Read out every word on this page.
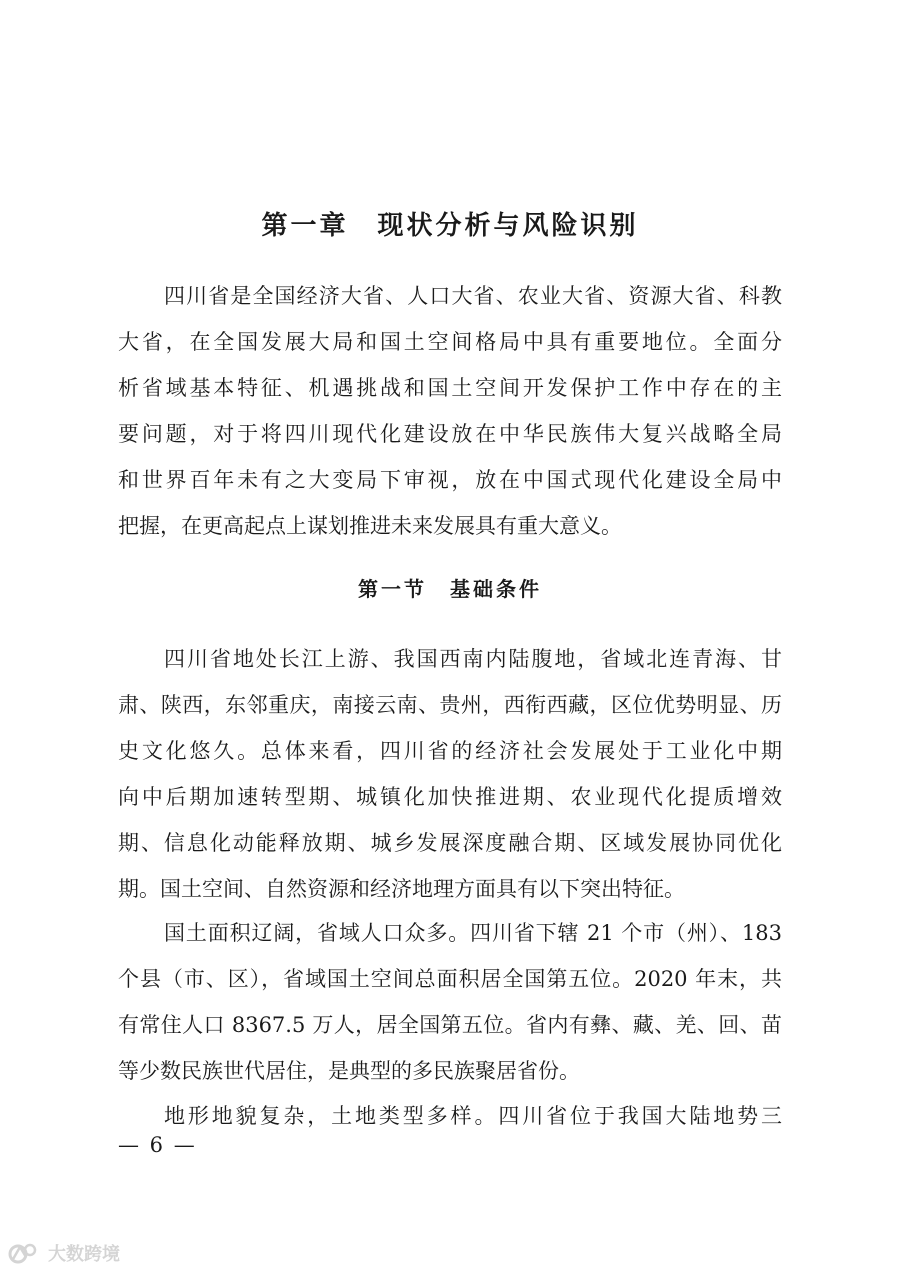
第一章　现状分析与风险识别
四川省是全国经济大省、人口大省、农业大省、资源大省、科教
大省，在全国发展大局和国土空间格局中具有重要地位。全面分
析省域基本特征、机遇挑战和国土空间开发保护工作中存在的主
要问题，对于将四川现代化建设放在中华民族伟大复兴战略全局
和世界百年未有之大变局下审视，放在中国式现代化建设全局中
把握，在更高起点上谋划推进未来发展具有重大意义。
第一节　基础条件
四川省地处长江上游、我国西南内陆腹地，省域北连青海、甘
肃、陕西，东邻重庆，南接云南、贵州，西衔西藏，区位优势明显、历
史文化悠久。总体来看，四川省的经济社会发展处于工业化中期
向中后期加速转型期、城镇化加快推进期、农业现代化提质增效
期、信息化动能释放期、城乡发展深度融合期、区域发展协同优化
期。国土空间、自然资源和经济地理方面具有以下突出特征。
国土面积辽阔，省域人口众多。四川省下辖 21 个市（州）、183
个县（市、区），省域国土空间总面积居全国第五位。2020 年末，共
有常住人口 8367.5 万人，居全国第五位。省内有彝、藏、羌、回、苗
等少数民族世代居住，是典型的多民族聚居省份。
地形地貌复杂，土地类型多样。四川省位于我国大陆地势三
— 6 —
大数跨境
